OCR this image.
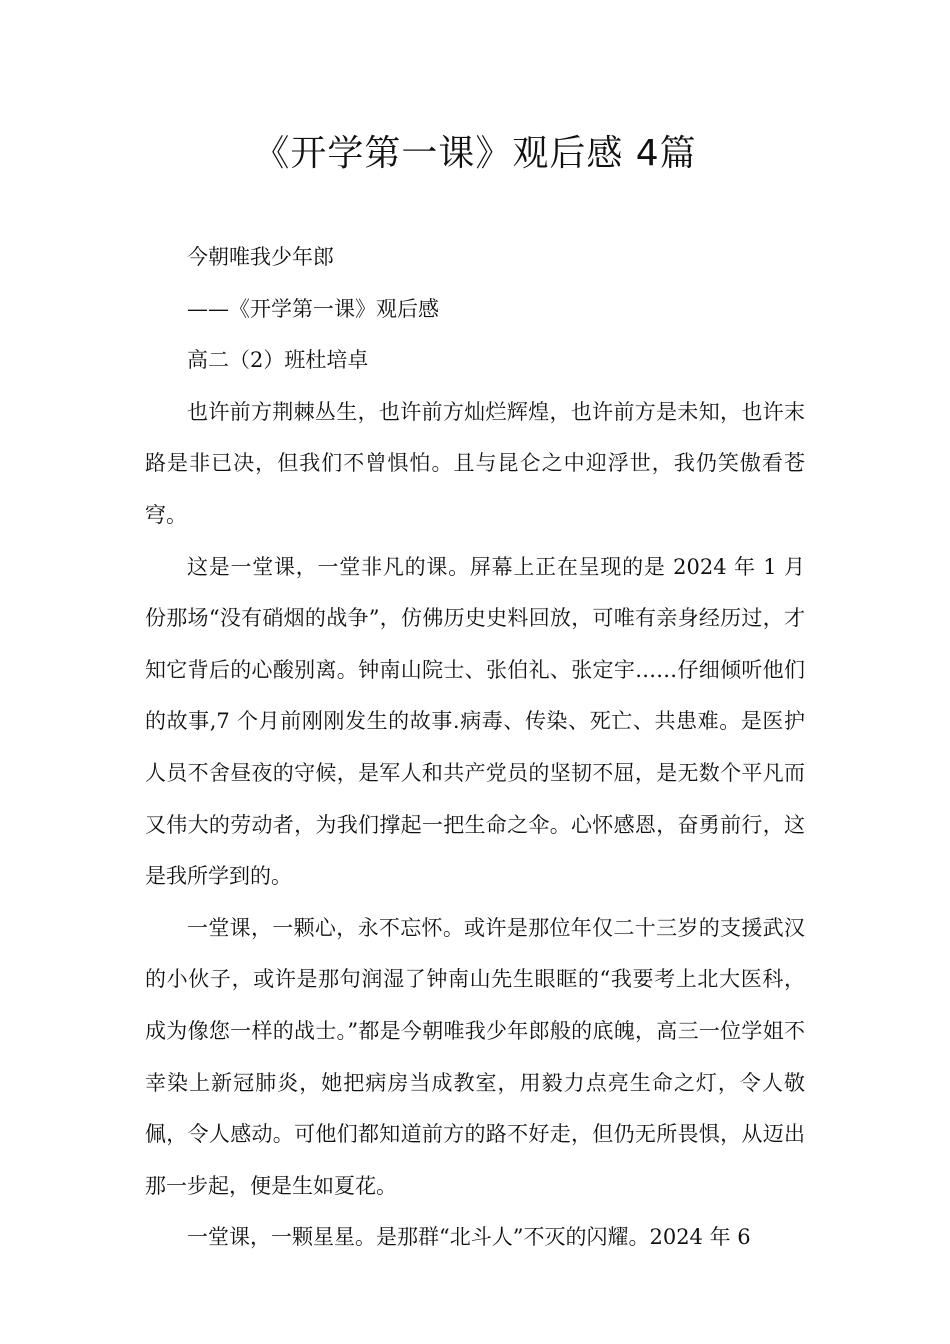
《开学第一课》观后感 4篇

今朝唯我少年郎

——《开学第一课》观后感

高二（2）班杜培卓

也许前方荆棘丛生，也许前方灿烂辉煌，也许前方是未知，也许末路是非已决，但我们不曾惧怕。且与昆仑之中迎浮世，我仍笑傲看苍穹。

这是一堂课，一堂非凡的课。屏幕上正在呈现的是 2024 年 1 月份那场“没有硝烟的战争”，仿佛历史史料回放，可唯有亲身经历过，才知它背后的心酸别离。钟南山院士、张伯礼、张定宇……仔细倾听他们的故事,7 个月前刚刚发生的故事.病毒、传染、死亡、共患难。是医护人员不舍昼夜的守候，是军人和共产党员的坚韧不屈，是无数个平凡而又伟大的劳动者，为我们撑起一把生命之伞。心怀感恩，奋勇前行，这是我所学到的。

一堂课，一颗心，永不忘怀。或许是那位年仅二十三岁的支援武汉的小伙子，或许是那句润湿了钟南山先生眼眶的“我要考上北大医科，成为像您一样的战士。”都是今朝唯我少年郎般的底魄，高三一位学姐不幸染上新冠肺炎，她把病房当成教室，用毅力点亮生命之灯，令人敬佩，令人感动。可他们都知道前方的路不好走，但仍无所畏惧，从迈出那一步起，便是生如夏花。

一堂课，一颗星星。是那群“北斗人”不灭的闪耀。2024 年 6
